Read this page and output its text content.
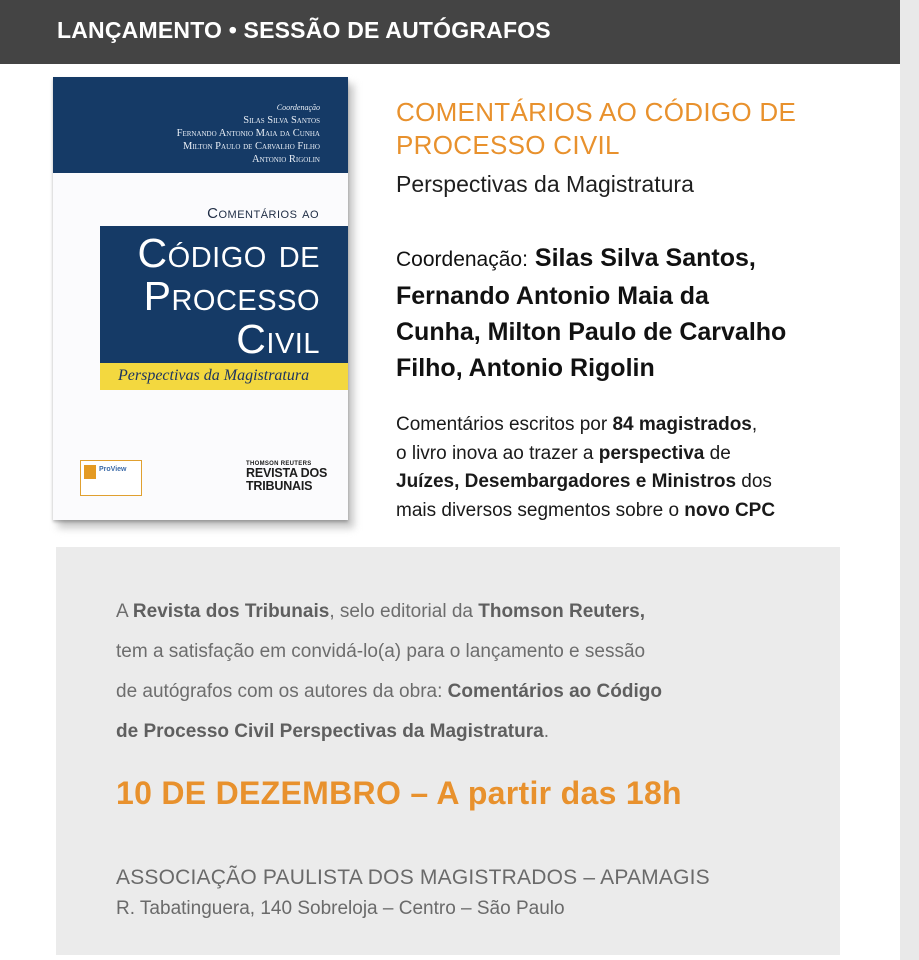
LANÇAMENTO • SESSÃO DE AUTÓGRAFOS
Coordenação
Silas Silva Santos
Fernando Antonio Maia da Cunha
Milton Paulo de Carvalho Filho
Antonio Rigolin
Comentários ao
Código de
Processo
Civil
Perspectivas da Magistratura
ProView
THOMSON REUTERS
REVISTA DOS
TRIBUNAIS
COMENTÁRIOS AO CÓDIGO DE
PROCESSO CIVIL
Perspectivas da Magistratura
Coordenação: Silas Silva Santos,
Fernando Antonio Maia da
Cunha, Milton Paulo de Carvalho
Filho, Antonio Rigolin
Comentários escritos por 84 magistrados,
o livro inova ao trazer a perspectiva de
Juízes, Desembargadores e Ministros dos
mais diversos segmentos sobre o novo CPC
A Revista dos Tribunais, selo editorial da Thomson Reuters,
tem a satisfação em convidá-lo(a) para o lançamento e sessão
de autógrafos com os autores da obra: Comentários ao Código
de Processo Civil Perspectivas da Magistratura.
10 DE DEZEMBRO – A partir das 18h
ASSOCIAÇÃO PAULISTA DOS MAGISTRADOS – APAMAGIS
R. Tabatinguera, 140 Sobreloja – Centro – São Paulo
